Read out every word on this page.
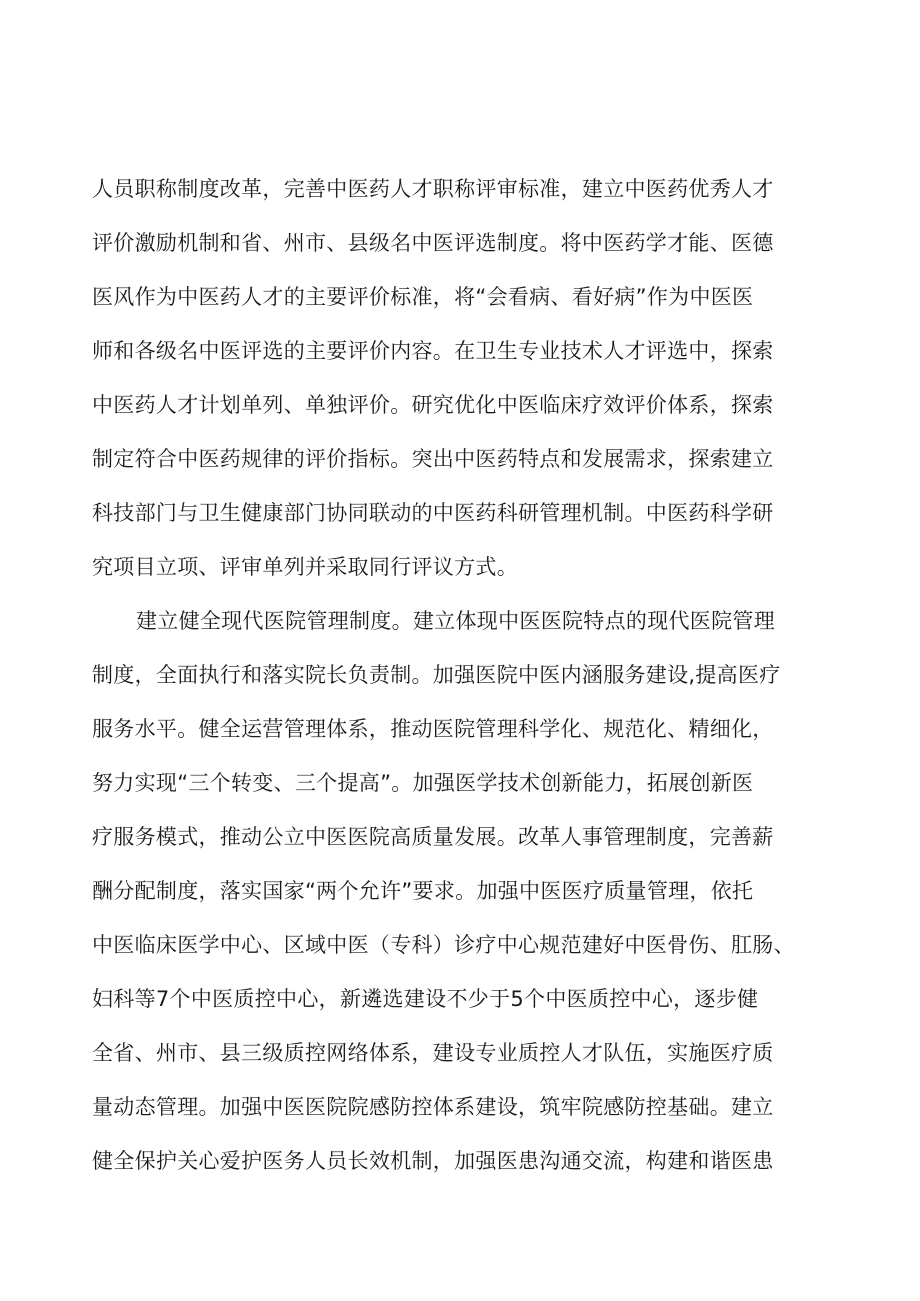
人员职称制度改革，完善中医药人才职称评审标准，建立中医药优秀人才
评价激励机制和省、州市、县级名中医评选制度。将中医药学才能、医德
医风作为中医药人才的主要评价标准，将“会看病、看好病”作为中医医
师和各级名中医评选的主要评价内容。在卫生专业技术人才评选中，探索
中医药人才计划单列、单独评价。研究优化中医临床疗效评价体系，探索
制定符合中医药规律的评价指标。突出中医药特点和发展需求，探索建立
科技部门与卫生健康部门协同联动的中医药科研管理机制。中医药科学研
究项目立项、评审单列并采取同行评议方式。
建立健全现代医院管理制度。建立体现中医医院特点的现代医院管理
制度，全面执行和落实院长负责制。加强医院中医内涵服务建设,提高医疗
服务水平。健全运营管理体系，推动医院管理科学化、规范化、精细化，
努力实现“三个转变、三个提高”。加强医学技术创新能力，拓展创新医
疗服务模式，推动公立中医医院高质量发展。改革人事管理制度，完善薪
酬分配制度，落实国家“两个允许”要求。加强中医医疗质量管理，依托
中医临床医学中心、区域中医（专科）诊疗中心规范建好中医骨伤、肛肠、
妇科等7个中医质控中心，新遴选建设不少于5个中医质控中心，逐步健
全省、州市、县三级质控网络体系，建设专业质控人才队伍，实施医疗质
量动态管理。加强中医医院院感防控体系建设，筑牢院感防控基础。建立
健全保护关心爱护医务人员长效机制，加强医患沟通交流，构建和谐医患
